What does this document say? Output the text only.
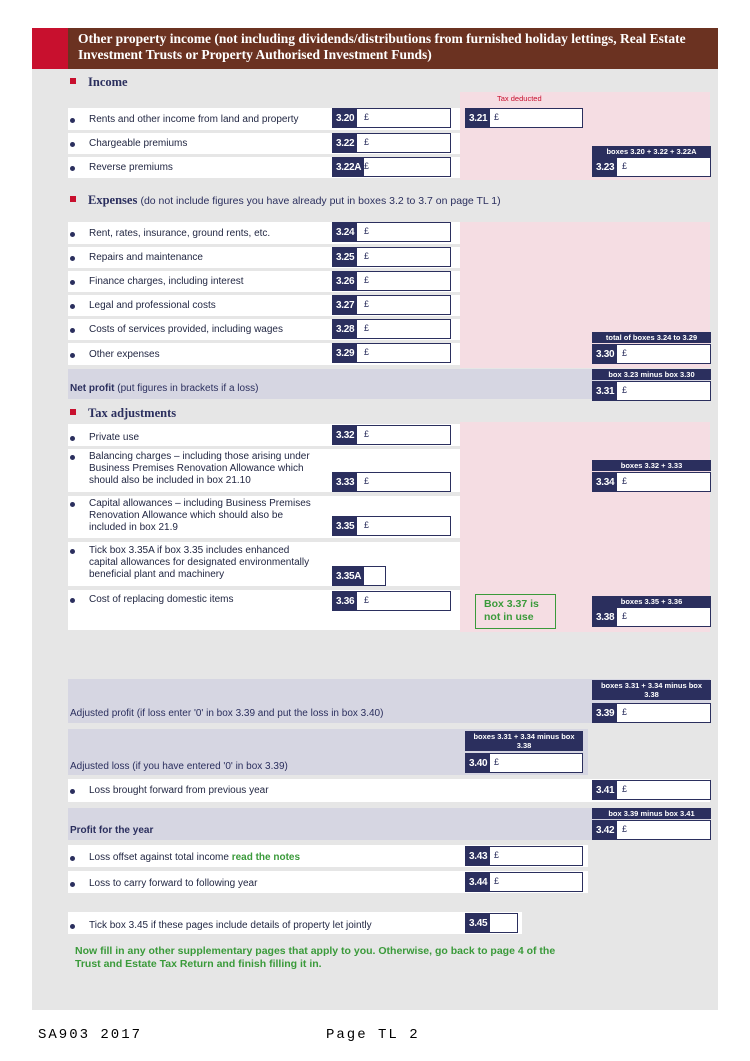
Other property income (not including dividends/distributions from furnished holiday lettings, Real Estate Investment Trusts or Property Authorised Investment Funds)
Income
Tax deducted
Rents and other income from land and property	3.20	£	3.21 £
Chargeable premiums	3.22	£
Reverse premiums	3.22A £
boxes 3.20 + 3.22 + 3.22A
3.23 £
Expenses (do not include figures you have already put in boxes 3.2 to 3.7 on page TL 1)
Rent, rates, insurance, ground rents, etc.	3.24	£
Repairs and maintenance	3.25	£
Finance charges, including interest	3.26	£
Legal and professional costs	3.27	£
Costs of services provided, including wages	3.28	£
Other expenses	3.29	£
total of boxes 3.24 to 3.29
3.30 £
Net profit (put figures in brackets if a loss)
box 3.23 minus box 3.30
3.31 £
Tax adjustments
Private use	3.32	£
Balancing charges – including those arising under
Business Premises Renovation Allowance which
should also be included in box 21.10	3.33	£
boxes 3.32 + 3.33
3.34 £
Capital allowances – including Business Premises
Renovation Allowance which should also be
included in box 21.9	3.35	£
Tick box 3.35A if box 3.35 includes enhanced
capital allowances for designated environmentally
beneficial plant and machinery	3.35A
Cost of replacing domestic items	3.36	£	Box 3.37 is
not in use
boxes 3.35 + 3.36
3.38 £
Adjusted profit (if loss enter '0' in box 3.39 and put the loss in box 3.40)
boxes 3.31 + 3.34 minus box 3.38
3.39 £
Adjusted loss (if you have entered '0' in box 3.39)
boxes 3.31 + 3.34 minus box 3.38
3.40 £
Loss brought forward from previous year	3.41 £
Profit for the year
box 3.39 minus box 3.41
3.42 £
Loss offset against total income read the notes	3.43 £
Loss to carry forward to following year	3.44 £
Tick box 3.45 if these pages include details of property let jointly	3.45
Now fill in any other supplementary pages that apply to you. Otherwise, go back to page 4 of the
Trust and Estate Tax Return and finish filling it in.
SA903 2017	Page TL 2
